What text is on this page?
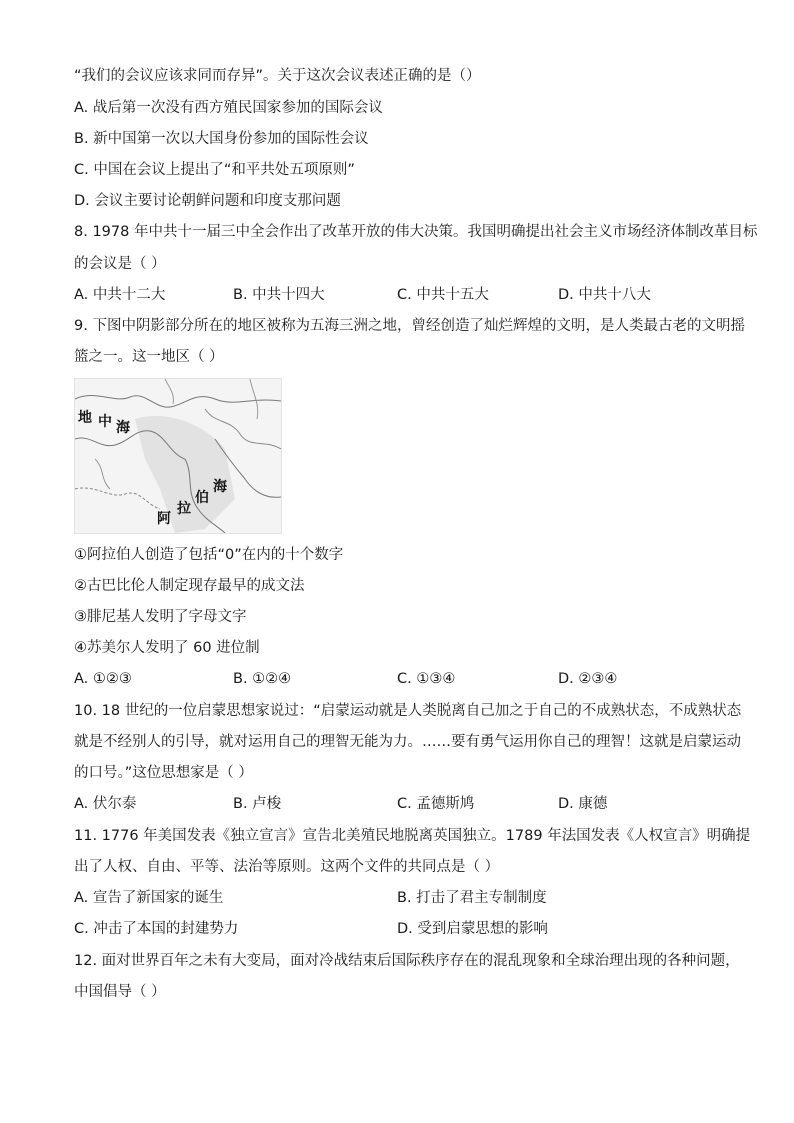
“我们的会议应该求同而存异”。关于这次会议表述正确的是（）
A. 战后第一次没有西方殖民国家参加的国际会议
B. 新中国第一次以大国身份参加的国际性会议
C. 中国在会议上提出了“和平共处五项原则”
D. 会议主要讨论朝鲜问题和印度支那问题
8. 1978 年中共十一届三中全会作出了改革开放的伟大决策。我国明确提出社会主义市场经济体制改革目标
的会议是（ ）
A. 中共十二大	B. 中共十四大	C. 中共十五大	D. 中共十八大
9. 下图中阴影部分所在的地区被称为五海三洲之地，曾经创造了灿烂辉煌的文明，是人类最古老的文明摇
篮之一。这一地区（ ）
地 中 海
海
伯
拉
阿
①阿拉伯人创造了包括“0”在内的十个数字
②古巴比伦人制定现存最早的成文法
③腓尼基人发明了字母文字
④苏美尔人发明了 60 进位制
A. ①②③	B. ①②④	C. ①③④	D. ②③④
10. 18 世纪的一位启蒙思想家说过：“启蒙运动就是人类脱离自己加之于自己的不成熟状态，不成熟状态
就是不经别人的引导，就对运用自己的理智无能为力。……要有勇气运用你自己的理智！这就是启蒙运动
的口号。”这位思想家是（ ）
A. 伏尔泰	B. 卢梭	C. 孟德斯鸠	D. 康德
11. 1776 年美国发表《独立宣言》宣告北美殖民地脱离英国独立。1789 年法国发表《人权宣言》明确提
出了人权、自由、平等、法治等原则。这两个文件的共同点是（ ）
A. 宣告了新国家的诞生	B. 打击了君主专制制度
C. 冲击了本国的封建势力	D. 受到启蒙思想的影响
12. 面对世界百年之未有大变局，面对冷战结束后国际秩序存在的混乱现象和全球治理出现的各种问题，
中国倡导（ ）
